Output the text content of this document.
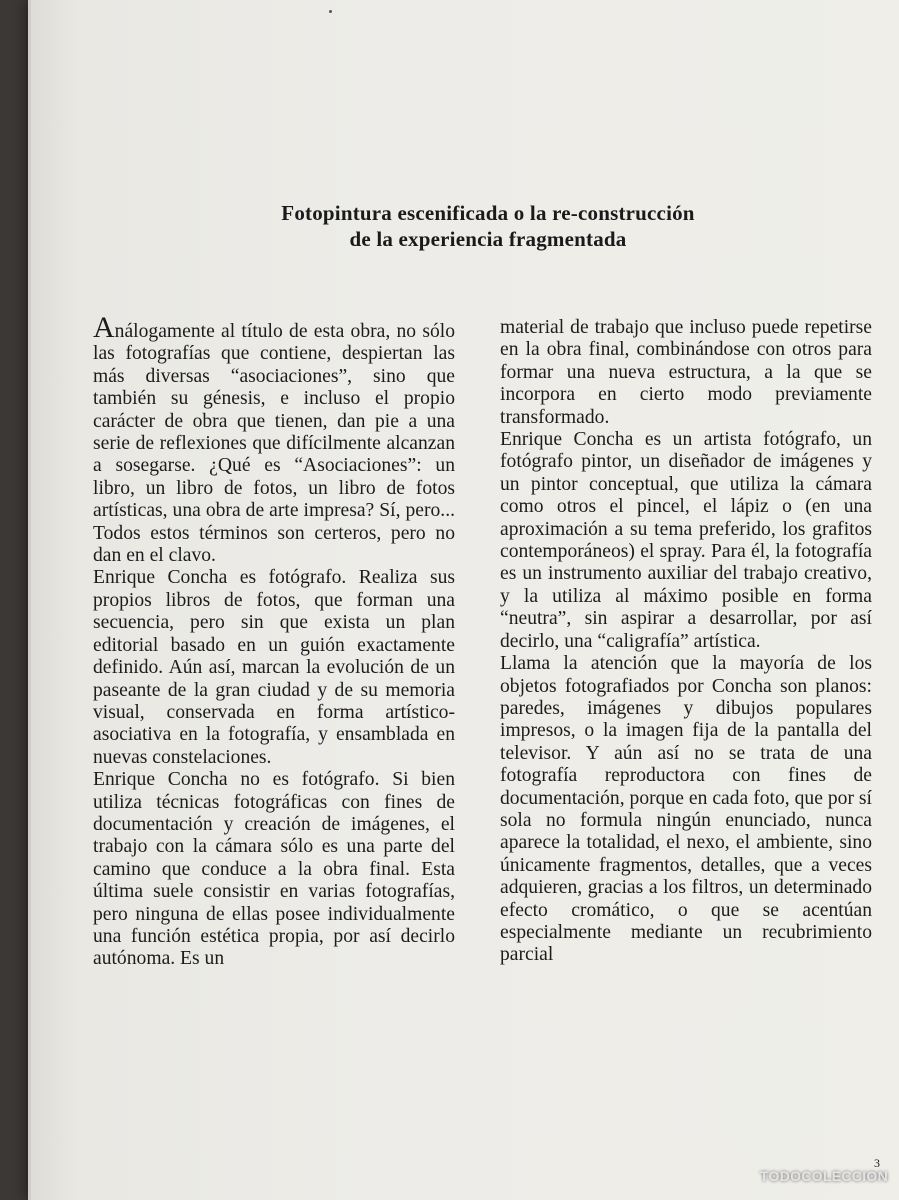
Fotopintura escenificada o la re-construcción
de la experiencia fragmentada

Análogamente al título de esta obra, no sólo las fotografías que contiene, despiertan las más diversas “asociaciones”, sino que también su génesis, e incluso el propio carácter de obra que tienen, dan pie a una serie de reflexiones que difícilmente alcanzan a sosegarse. ¿Qué es “Asociaciones”: un libro, un libro de fotos, un libro de fotos artísticas, una obra de arte impresa? Sí, pero... Todos estos términos son certeros, pero no dan en el clavo.

Enrique Concha es fotógrafo. Realiza sus propios libros de fotos, que forman una secuencia, pero sin que exista un plan editorial basado en un guión exactamente definido. Aún así, marcan la evolución de un paseante de la gran ciudad y de su memoria visual, conservada en forma artístico-asociativa en la fotografía, y ensamblada en nuevas constelaciones.

Enrique Concha no es fotógrafo. Si bien utiliza técnicas fotográficas con fines de documentación y creación de imágenes, el trabajo con la cámara sólo es una parte del camino que conduce a la obra final. Esta última suele consistir en varias fotografías, pero ninguna de ellas posee individualmente una función estética propia, por así decirlo autónoma. Es un

material de trabajo que incluso puede repetirse en la obra final, combinándose con otros para formar una nueva estructura, a la que se incorpora en cierto modo previamente transformado.

Enrique Concha es un artista fotógrafo, un fotógrafo pintor, un diseñador de imágenes y un pintor conceptual, que utiliza la cámara como otros el pincel, el lápiz o (en una aproximación a su tema preferido, los grafitos contemporáneos) el spray. Para él, la fotografía es un instrumento auxiliar del trabajo creativo, y la utiliza al máximo posible en forma “neutra”, sin aspirar a desarrollar, por así decirlo, una “caligrafía” artística.

Llama la atención que la mayoría de los objetos fotografiados por Concha son planos: paredes, imágenes y dibujos populares impresos, o la imagen fija de la pantalla del televisor. Y aún así no se trata de una fotografía reproductora con fines de documentación, porque en cada foto, que por sí sola no formula ningún enunciado, nunca aparece la totalidad, el nexo, el ambiente, sino únicamente fragmentos, detalles, que a veces adquieren, gracias a los filtros, un determinado efecto cromático, o que se acentúan especialmente mediante un recubrimiento parcial

3
TODOCOLECCION
